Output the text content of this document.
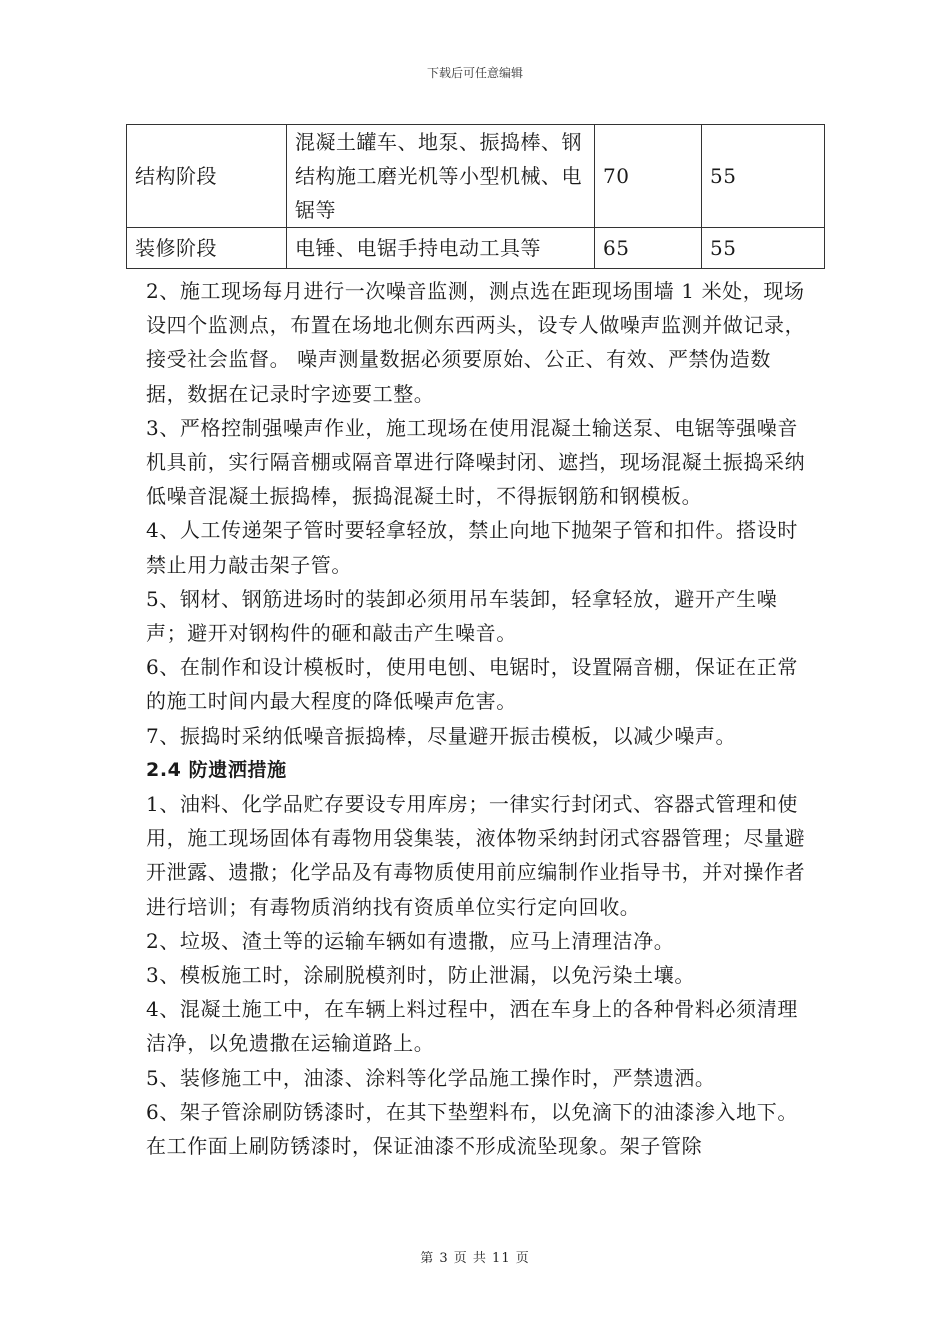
下载后可任意编辑
结构阶段	混凝土罐车、地泵、振捣棒、钢结构施工磨光机等小型机械、电锯等	70	55
装修阶段	电锤、电锯手持电动工具等	65	55

2、施工现场每月进行一次噪音监测，测点选在距现场围墙 1 米处，现场设四个监测点，布置在场地北侧东西两头，设专人做噪声监测并做记录，接受社会监督。 噪声测量数据必须要原始、公正、有效、严禁伪造数据，数据在记录时字迹要工整。

3、严格控制强噪声作业，施工现场在使用混凝土输送泵、电锯等强噪音机具前，实行隔音棚或隔音罩进行降噪封闭、遮挡，现场混凝土振捣采纳低噪音混凝土振捣棒，振捣混凝土时，不得振钢筋和钢模板。

4、人工传递架子管时要轻拿轻放，禁止向地下抛架子管和扣件。搭设时禁止用力敲击架子管。

5、钢材、钢筋进场时的装卸必须用吊车装卸，轻拿轻放，避开产生噪声；避开对钢构件的砸和敲击产生噪音。

6、在制作和设计模板时，使用电刨、电锯时，设置隔音棚，保证在正常的施工时间内最大程度的降低噪声危害。

7、振捣时采纳低噪音振捣棒，尽量避开振击模板，以减少噪声。

2.4 防遗洒措施

1、油料、化学品贮存要设专用库房；一律实行封闭式、容器式管理和使用，施工现场固体有毒物用袋集装，液体物采纳封闭式容器管理；尽量避开泄露、遗撒；化学品及有毒物质使用前应编制作业指导书，并对操作者进行培训；有毒物质消纳找有资质单位实行定向回收。

2、垃圾、渣土等的运输车辆如有遗撒，应马上清理洁净。

3、模板施工时，涂刷脱模剂时，防止泄漏，以免污染土壤。

4、混凝土施工中，在车辆上料过程中，洒在车身上的各种骨料必须清理洁净，以免遗撒在运输道路上。

5、装修施工中，油漆、涂料等化学品施工操作时，严禁遗洒。

6、架子管涂刷防锈漆时，在其下垫塑料布，以免滴下的油漆渗入地下。在工作面上刷防锈漆时，保证油漆不形成流坠现象。架子管除

第 3 页 共 11 页
